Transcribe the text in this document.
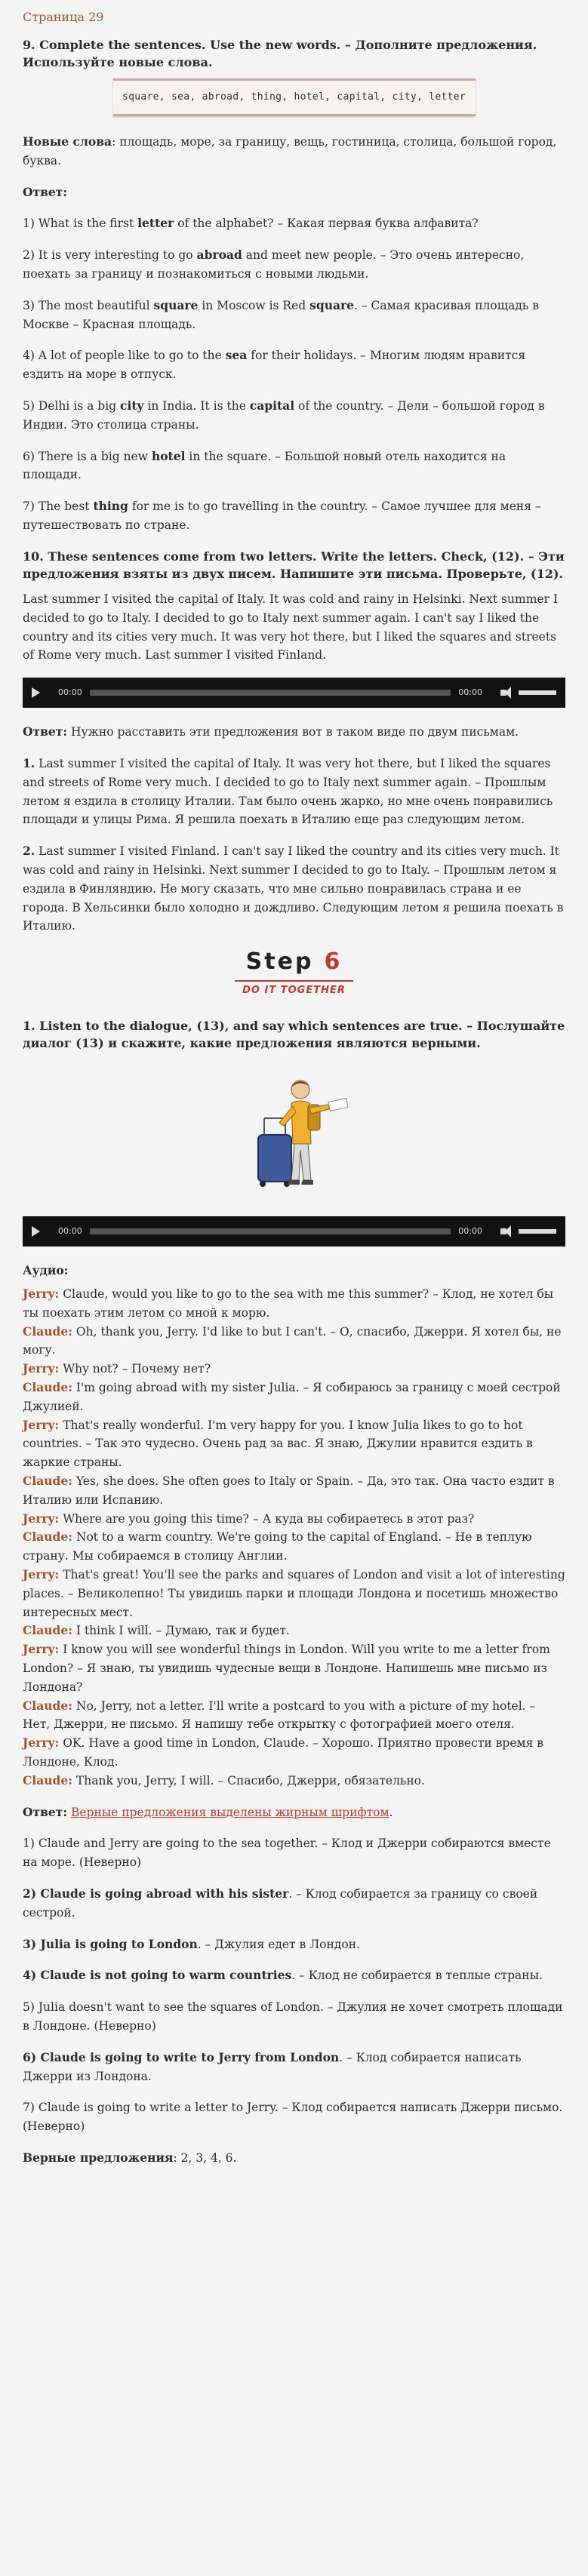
Страница 29
9. Complete the sentences. Use the new words. – Дополните предложения. Используйте новые слова.
square, sea, abroad, thing, hotel, capital, city, letter

Новые слова: площадь, море, за границу, вещь, гостиница, столица, большой город, буква.

Ответ:

1) What is the first letter of the alphabet? – Какая первая буква алфавита?

2) It is very interesting to go abroad and meet new people. – Это очень интересно, поехать за границу и познакомиться с новыми людьми.

3) The most beautiful square in Moscow is Red square. – Самая красивая площадь в Москве – Красная площадь.

4) A lot of people like to go to the sea for their holidays. – Многим людям нравится ездить на море в отпуск.

5) Delhi is a big city in India. It is the capital of the country. – Дели – большой город в Индии. Это столица страны.

6) There is a big new hotel in the square. – Большой новый отель находится на площади.

7) The best thing for me is to go travelling in the country. – Самое лучшее для меня – путешествовать по стране.

10. These sentences come from two letters. Write the letters. Check, (12). – Эти предложения взяты из двух писем. Напишите эти письма. Проверьте, (12).

Last summer I visited the capital of Italy. It was cold and rainy in Helsinki. Next summer I decided to go to Italy. I decided to go to Italy next summer again. I can't say I liked the country and its cities very much. It was very hot there, but I liked the squares and streets of Rome very much. Last summer I visited Finland.

00:00	00:00

Ответ: Нужно расставить эти предложения вот в таком виде по двум письмам.

1. Last summer I visited the capital of Italy. It was very hot there, but I liked the squares and streets of Rome very much. I decided to go to Italy next summer again. – Прошлым летом я ездила в столицу Италии. Там было очень жарко, но мне очень понравились площади и улицы Рима. Я решила поехать в Италию еще раз следующим летом.

2. Last summer I visited Finland. I can't say I liked the country and its cities very much. It was cold and rainy in Helsinki. Next summer I decided to go to Italy. – Прошлым летом я ездила в Финляндию. Не могу сказать, что мне сильно понравилась страна и ее города. В Хельсинки было холодно и дождливо. Следующим летом я решила поехать в Италию.

Step 6
DO IT TOGETHER
1. Listen to the dialogue, (13), and say which sentences are true. – Послушайте диалог (13) и скажите, какие предложения являются верными.
00:00	00:00

Аудио:

Jerry: Claude, would you like to go to the sea with me this summer? – Клод, не хотел бы ты поехать этим летом со мной к морю.

Claude: Oh, thank you, Jerry. I'd like to but I can't. – О, спасибо, Джерри. Я хотел бы, не могу.

Jerry: Why not? – Почему нет?

Claude: I'm going abroad with my sister Julia. – Я собираюсь за границу с моей сестрой Джулией.

Jerry: That's really wonderful. I'm very happy for you. I know Julia likes to go to hot countries. – Так это чудесно. Очень рад за вас. Я знаю, Джулии нравится ездить в жаркие страны.

Claude: Yes, she does. She often goes to Italy or Spain. – Да, это так. Она часто ездит в Италию или Испанию.

Jerry: Where are you going this time? – А куда вы собираетесь в этот раз?

Claude: Not to a warm country. We're going to the capital of England. – Не в теплую страну. Мы собираемся в столицу Англии.

Jerry: That's great! You'll see the parks and squares of London and visit a lot of interesting places. – Великолепно! Ты увидишь парки и площади Лондона и посетишь множество интересных мест.

Claude: I think I will. – Думаю, так и будет.

Jerry: I know you will see wonderful things in London. Will you write to me a letter from London? – Я знаю, ты увидишь чудесные вещи в Лондоне. Напишешь мне письмо из Лондона?

Claude: No, Jerry, not a letter. I'll write a postcard to you with a picture of my hotel. – Нет, Джерри, не письмо. Я напишу тебе открытку с фотографией моего отеля.

Jerry: OK. Have a good time in London, Claude. – Хорошо. Приятно провести время в Лондоне, Клод.

Claude: Thank you, Jerry, I will. – Спасибо, Джерри, обязательно.

Ответ: Верные предложения выделены жирным шрифтом.

1) Claude and Jerry are going to the sea together. – Клод и Джерри собираются вместе на море. (Неверно)

2) Claude is going abroad with his sister. – Клод собирается за границу со своей сестрой.

3) Julia is going to London. – Джулия едет в Лондон.

4) Claude is not going to warm countries. – Клод не собирается в теплые страны.

5) Julia doesn't want to see the squares of London. – Джулия не хочет смотреть площади в Лондоне. (Неверно)

6) Claude is going to write to Jerry from London. – Клод собирается написать Джерри из Лондона.

7) Claude is going to write a letter to Jerry. – Клод собирается написать Джерри письмо. (Неверно)

Верные предложения: 2, 3, 4, 6.
